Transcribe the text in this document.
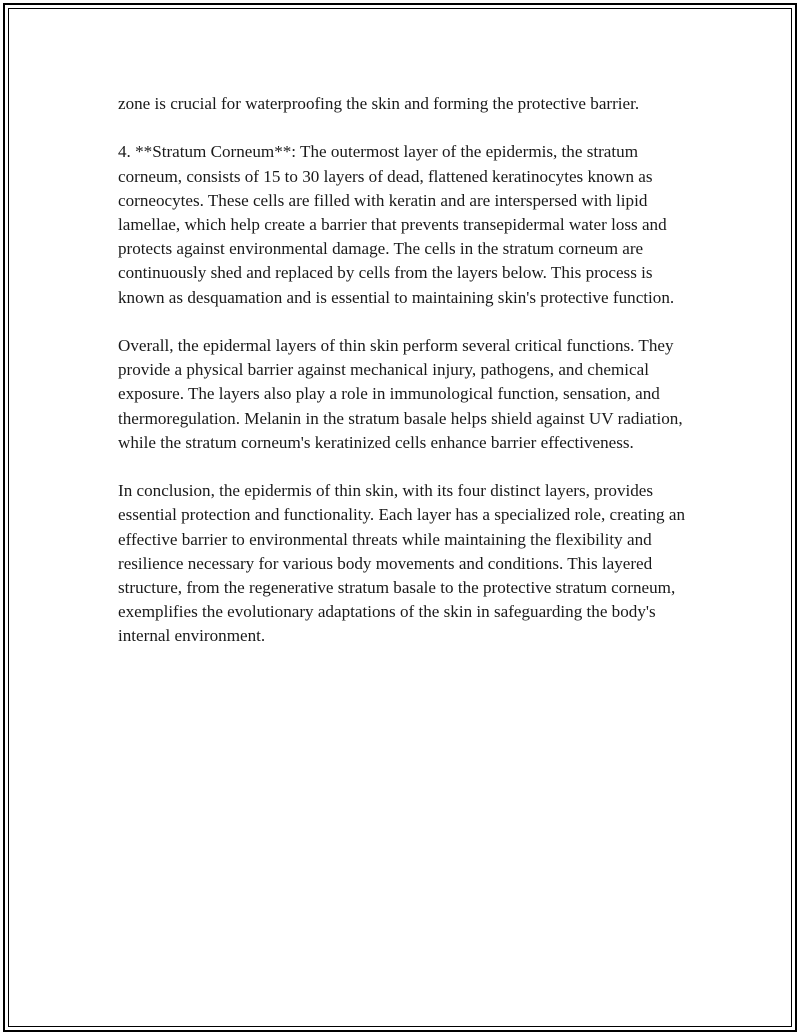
zone is crucial for waterproofing the skin and forming the protective barrier.

4. **Stratum Corneum**: The outermost layer of the epidermis, the stratum corneum, consists of 15 to 30 layers of dead, flattened keratinocytes known as corneocytes. These cells are filled with keratin and are interspersed with lipid lamellae, which help create a barrier that prevents transepidermal water loss and protects against environmental damage. The cells in the stratum corneum are continuously shed and replaced by cells from the layers below. This process is known as desquamation and is essential to maintaining skin's protective function.

Overall, the epidermal layers of thin skin perform several critical functions. They provide a physical barrier against mechanical injury, pathogens, and chemical exposure. The layers also play a role in immunological function, sensation, and thermoregulation. Melanin in the stratum basale helps shield against UV radiation, while the stratum corneum's keratinized cells enhance barrier effectiveness.

In conclusion, the epidermis of thin skin, with its four distinct layers, provides essential protection and functionality. Each layer has a specialized role, creating an effective barrier to environmental threats while maintaining the flexibility and resilience necessary for various body movements and conditions. This layered structure, from the regenerative stratum basale to the protective stratum corneum, exemplifies the evolutionary adaptations of the skin in safeguarding the body's internal environment.
